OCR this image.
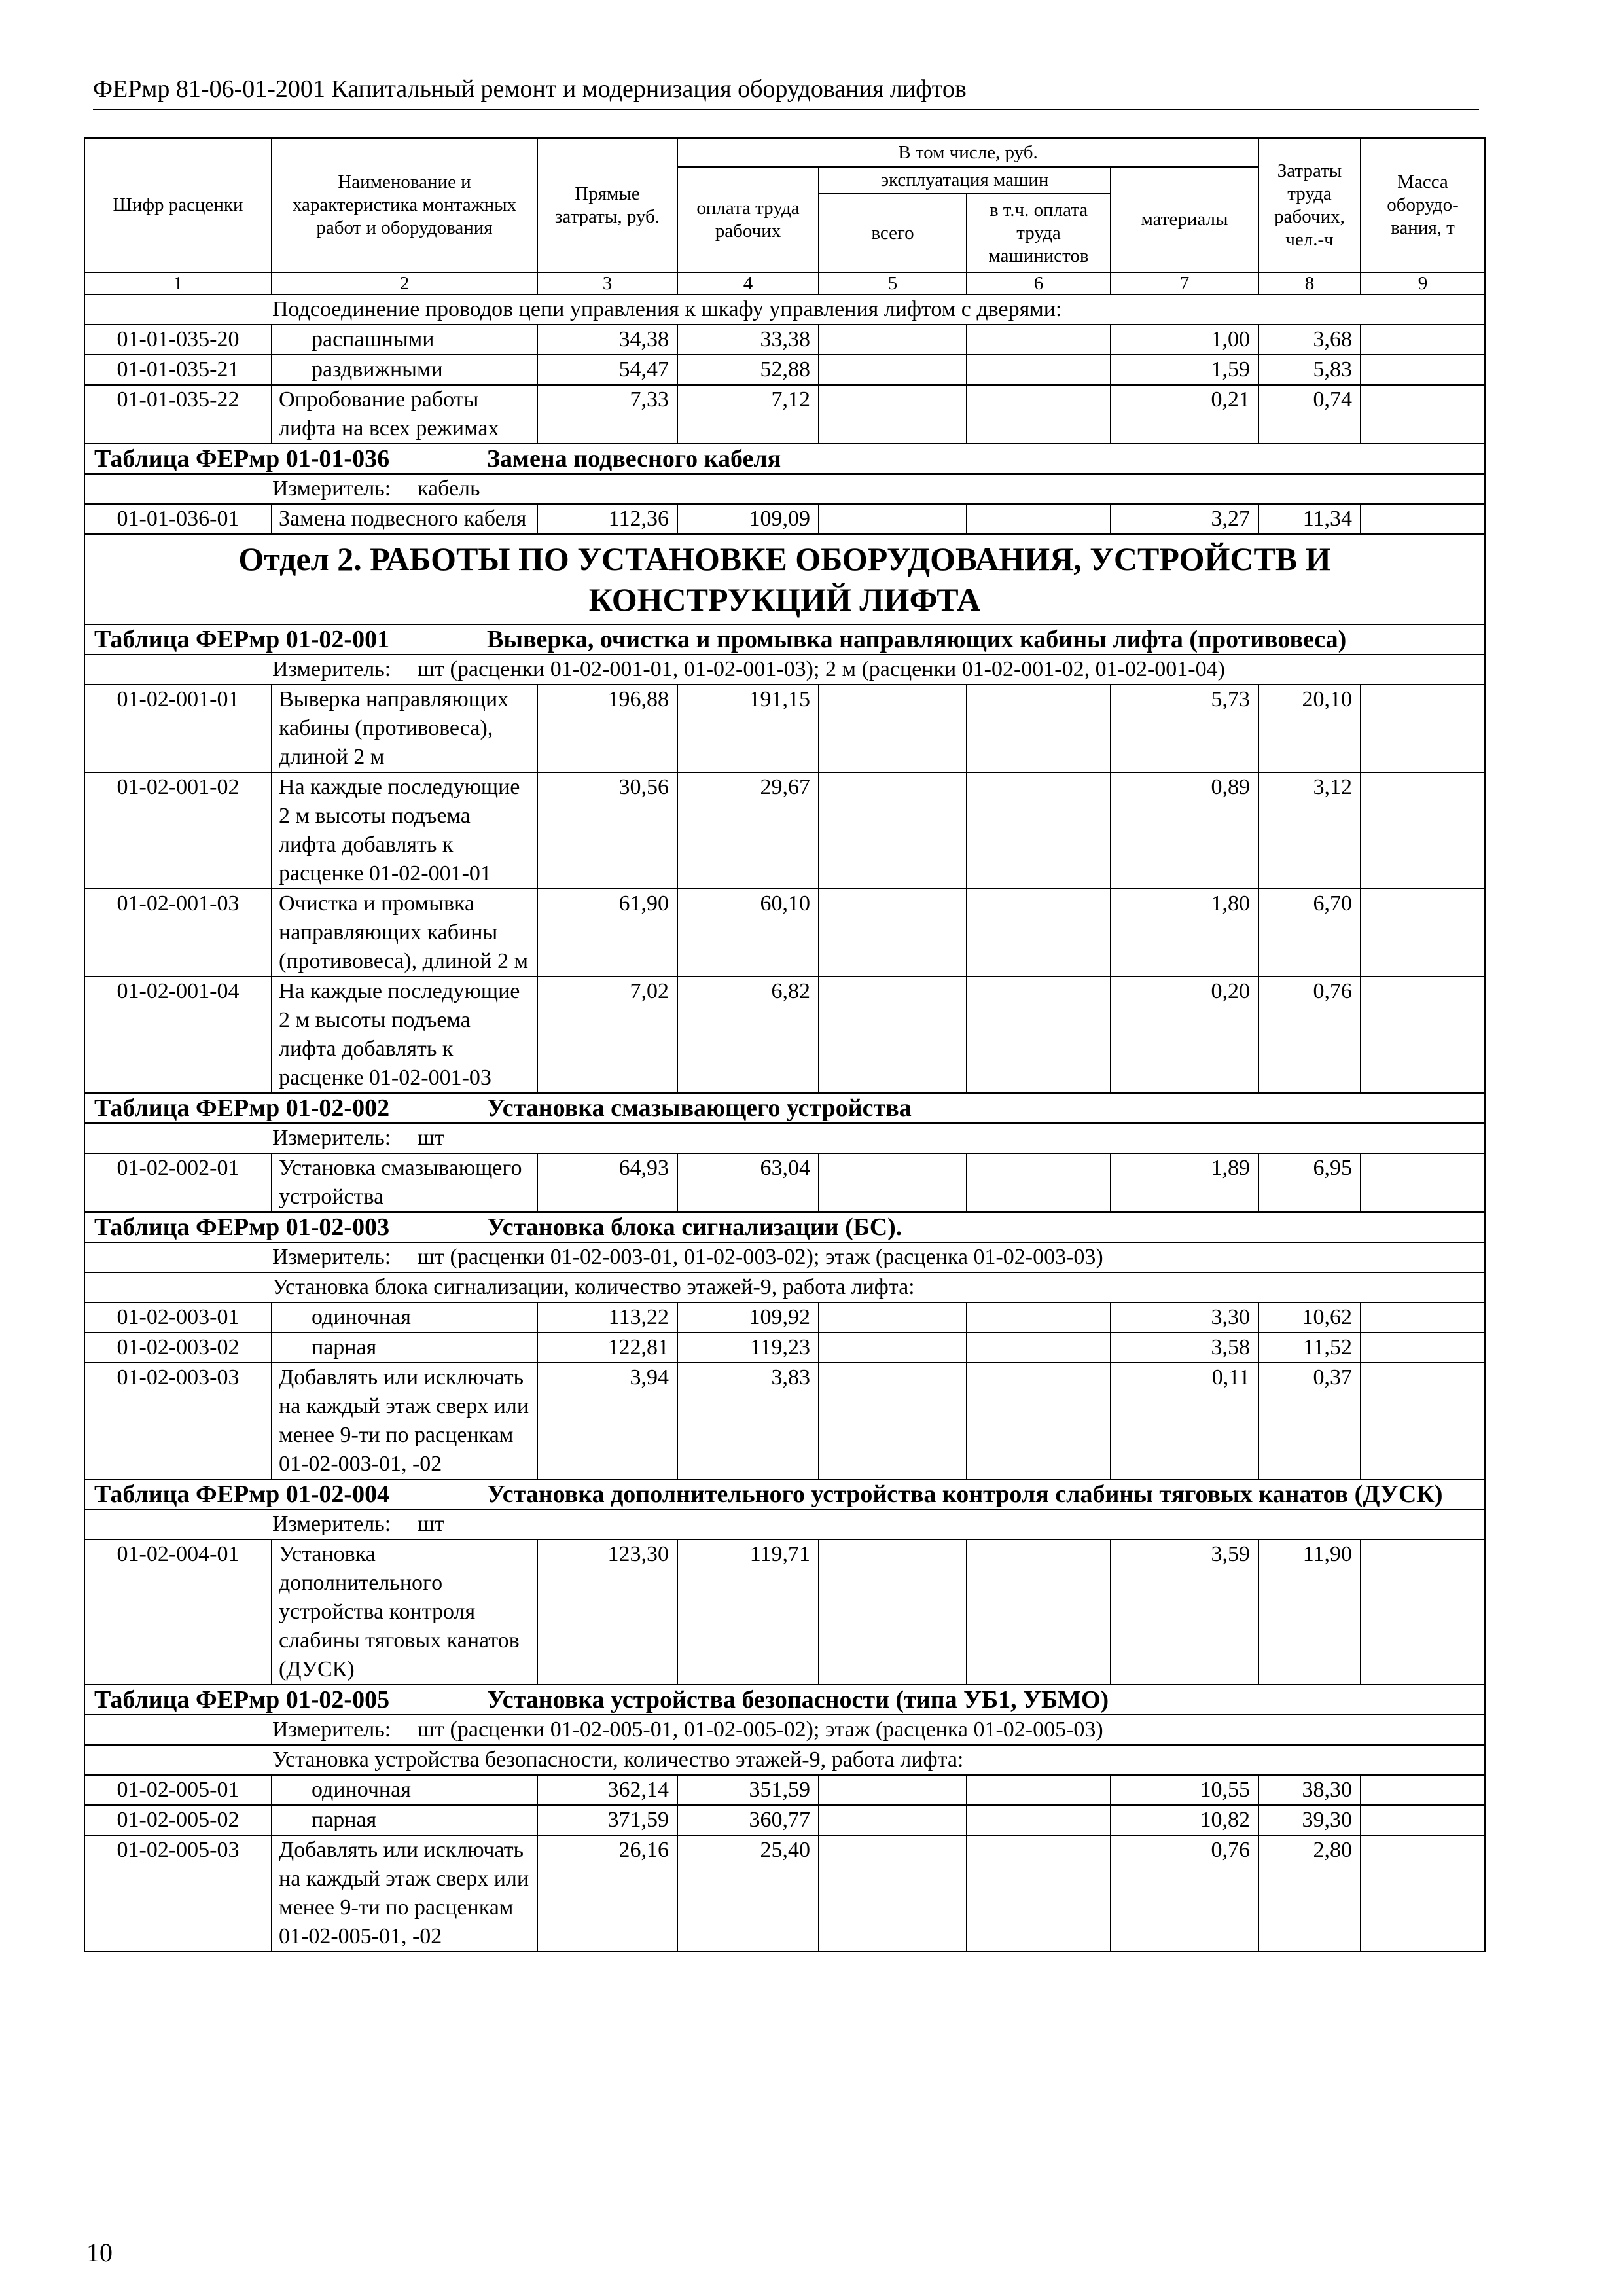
ФЕРмр 81-06-01-2001 Капитальный ремонт и модернизация оборудования лифтов
Шифр расценки	Наименование и характеристика монтажных работ и оборудования	Прямые затраты, руб.	В том числе, руб.				Затраты труда рабочих, чел.-ч	Масса оборудо-вания, т
			оплата труда рабочих	эксплуатация машин		материалы		
				всего	в т.ч. оплата труда машинистов			
1	2	3	4	5	6	7	8	9
Подсоединение проводов цепи управления к шкафу управления лифтом с дверями:								
01-01-035-20	распашными	34,38	33,38			1,00	3,68	
01-01-035-21	раздвижными	54,47	52,88			1,59	5,83	
01-01-035-22	Опробование работы лифта на всех режимах	7,33	7,12			0,21	0,74	
Таблица ФЕРмр 01-01-036 Замена подвесного кабеля								
Измеритель: кабель								
01-01-036-01	Замена подвесного кабеля	112,36	109,09			3,27	11,34	
Отдел 2. РАБОТЫ ПО УСТАНОВКЕ ОБОРУДОВАНИЯ, УСТРОЙСТВ И КОНСТРУКЦИЙ ЛИФТА								
Таблица ФЕРмр 01-02-001 Выверка, очистка и промывка направляющих кабины лифта (противовеса)								
Измеритель: шт (расценки 01-02-001-01, 01-02-001-03); 2 м (расценки 01-02-001-02, 01-02-001-04)								
01-02-001-01	Выверка направляющих кабины (противовеса), длиной 2 м	196,88	191,15			5,73	20,10	
01-02-001-02	На каждые последующие 2 м высоты подъема лифта добавлять к расценке 01-02-001-01	30,56	29,67			0,89	3,12	
01-02-001-03	Очистка и промывка направляющих кабины (противовеса), длиной 2 м	61,90	60,10			1,80	6,70	
01-02-001-04	На каждые последующие 2 м высоты подъема лифта добавлять к расценке 01-02-001-03	7,02	6,82			0,20	0,76	
Таблица ФЕРмр 01-02-002 Установка смазывающего устройства								
Измеритель: шт								
01-02-002-01	Установка смазывающего устройства	64,93	63,04			1,89	6,95	
Таблица ФЕРмр 01-02-003 Установка блока сигнализации (БС).								
Измеритель: шт (расценки 01-02-003-01, 01-02-003-02); этаж (расценка 01-02-003-03)								
Установка блока сигнализации, количество этажей-9, работа лифта:								
01-02-003-01	одиночная	113,22	109,92			3,30	10,62	
01-02-003-02	парная	122,81	119,23			3,58	11,52	
01-02-003-03	Добавлять или исключать на каждый этаж сверх или менее 9-ти по расценкам 01-02-003-01, -02	3,94	3,83			0,11	0,37	
Таблица ФЕРмр 01-02-004 Установка дополнительного устройства контроля слабины тяговых канатов (ДУСК)								
Измеритель: шт								
01-02-004-01	Установка дополнительного устройства контроля слабины тяговых канатов (ДУСК)	123,30	119,71			3,59	11,90	
Таблица ФЕРмр 01-02-005 Установка устройства безопасности (типа УБ1, УБМО)								
Измеритель: шт (расценки 01-02-005-01, 01-02-005-02); этаж (расценка 01-02-005-03)								
Установка устройства безопасности, количество этажей-9, работа лифта:								
01-02-005-01	одиночная	362,14	351,59			10,55	38,30	
01-02-005-02	парная	371,59	360,77			10,82	39,30	
01-02-005-03	Добавлять или исключать на каждый этаж сверх или менее 9-ти по расценкам 01-02-005-01, -02	26,16	25,40			0,76	2,80	
10
